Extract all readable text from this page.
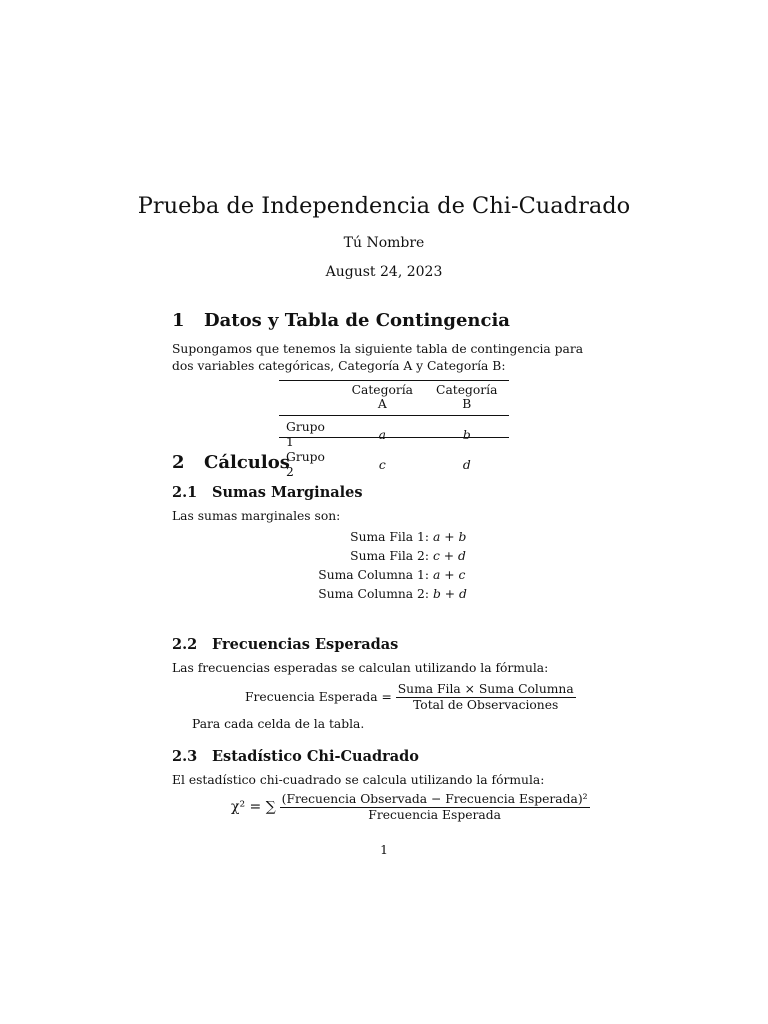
Prueba de Independencia de Chi-Cuadrado
Tú Nombre
August 24, 2023
1 Datos y Tabla de Contingencia
Supongamos que tenemos la siguiente tabla de contingencia para dos variables categóricas, Categoría A y Categoría B:
	Categoría A	Categoría B
Grupo 1	a	b
Grupo 2	c	d
2 Cálculos
2.1 Sumas Marginales
Las sumas marginales son:
Suma Fila 1: a + b
Suma Fila 2: c + d
Suma Columna 1: a + c
Suma Columna 2: b + d
2.2 Frecuencias Esperadas
Las frecuencias esperadas se calculan utilizando la fórmula:
Frecuencia Esperada = $\frac{\text{Suma Fila × Suma Columna}}{\text{Total de Observaciones}}$
Para cada celda de la tabla.
2.3 Estadístico Chi-Cuadrado
El estadístico chi-cuadrado se calcula utilizando la fórmula:
χ² = ∑ $\frac{\text{(Frecuencia Observada − Frecuencia Esperada)²}}{\text{Frecuencia Esperada}}$
1
